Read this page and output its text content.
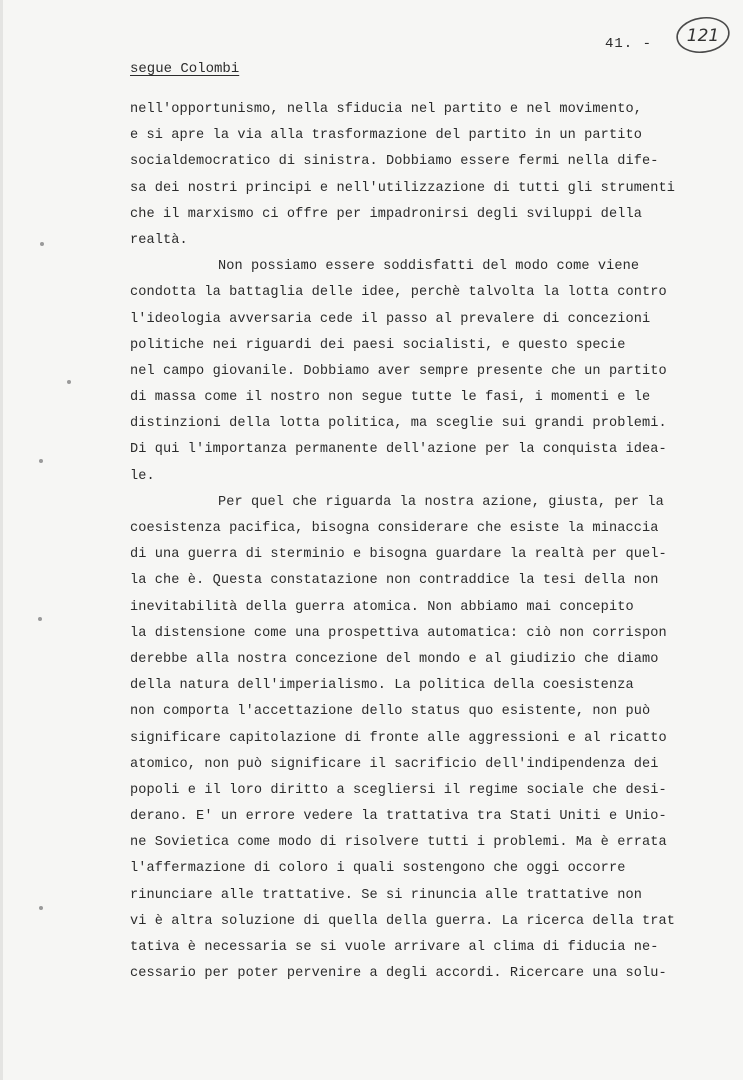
41. - 121
segue Colombi
nell'opportunismo, nella sfiducia nel partito e nel movimento,
e si apre la via alla trasformazione del partito in un partito
socialdemocratico di sinistra. Dobbiamo essere fermi nella dife-
sa dei nostri principi e nell'utilizzazione di tutti gli strumenti
che il marxismo ci offre per impadronirsi degli sviluppi della
realtà.
Non possiamo essere soddisfatti del modo come viene
condotta la battaglia delle idee, perchè talvolta la lotta contro
l'ideologia avversaria cede il passo al prevalere di concezioni
politiche nei riguardi dei paesi socialisti, e questo specie
nel campo giovanile. Dobbiamo aver sempre presente che un partito
di massa come il nostro non segue tutte le fasi, i momenti e le
distinzioni della lotta politica, ma sceglie sui grandi problemi.
Di qui l'importanza permanente dell'azione per la conquista idea-
le.
Per quel che riguarda la nostra azione, giusta, per la
coesistenza pacifica, bisogna considerare che esiste la minaccia
di una guerra di sterminio e bisogna guardare la realtà per quel-
la che è. Questa constatazione non contraddice la tesi della non
inevitabilità della guerra atomica. Non abbiamo mai concepito
la distensione come una prospettiva automatica: ciò non corrispon
derebbe alla nostra concezione del mondo e al giudizio che diamo
della natura dell'imperialismo. La politica della coesistenza
non comporta l'accettazione dello status quo esistente, non può
significare capitolazione di fronte alle aggressioni e al ricatto
atomico, non può significare il sacrificio dell'indipendenza dei
popoli e il loro diritto a scegliersi il regime sociale che desi-
derano. E' un errore vedere la trattativa tra Stati Uniti e Unio-
ne Sovietica come modo di risolvere tutti i problemi. Ma è errata
l'affermazione di coloro i quali sostengono che oggi occorre
rinunciare alle trattative. Se si rinuncia alle trattative non
vi è altra soluzione di quella della guerra. La ricerca della trat
tativa è necessaria se si vuole arrivare al clima di fiducia ne-
cessario per poter pervenire a degli accordi. Ricercare una solu-
